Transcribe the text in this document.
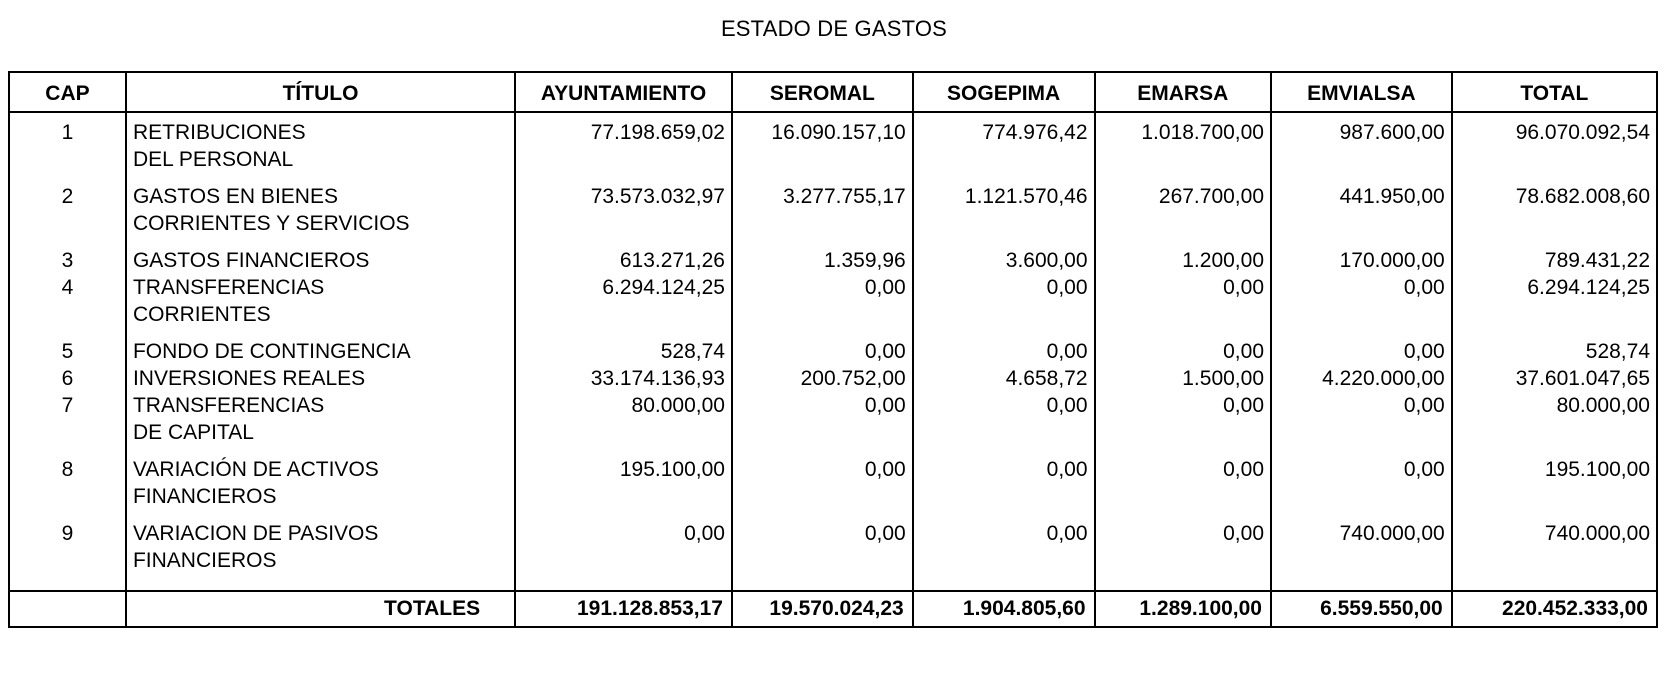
ESTADO DE GASTOS
CAP	TÍTULO	AYUNTAMIENTO	SEROMAL	SOGEPIMA	EMARSA	EMVIALSA	TOTAL
1	RETRIBUCIONES
DEL PERSONAL	77.198.659,02	16.090.157,10	774.976,42	1.018.700,00	987.600,00	96.070.092,54
2	GASTOS EN BIENES
CORRIENTES Y SERVICIOS	73.573.032,97	3.277.755,17	1.121.570,46	267.700,00	441.950,00	78.682.008,60
3	GASTOS FINANCIEROS	613.271,26	1.359,96	3.600,00	1.200,00	170.000,00	789.431,22
4	TRANSFERENCIAS
CORRIENTES	6.294.124,25	0,00	0,00	0,00	0,00	6.294.124,25
5	FONDO DE CONTINGENCIA	528,74	0,00	0,00	0,00	0,00	528,74
6	INVERSIONES REALES	33.174.136,93	200.752,00	4.658,72	1.500,00	4.220.000,00	37.601.047,65
7	TRANSFERENCIAS
DE CAPITAL	80.000,00	0,00	0,00	0,00	0,00	80.000,00
8	VARIACIÓN DE ACTIVOS
FINANCIEROS	195.100,00	0,00	0,00	0,00	0,00	195.100,00
9	VARIACION DE PASIVOS
FINANCIEROS	0,00	0,00	0,00	0,00	740.000,00	740.000,00
	TOTALES	191.128.853,17	19.570.024,23	1.904.805,60	1.289.100,00	6.559.550,00	220.452.333,00
